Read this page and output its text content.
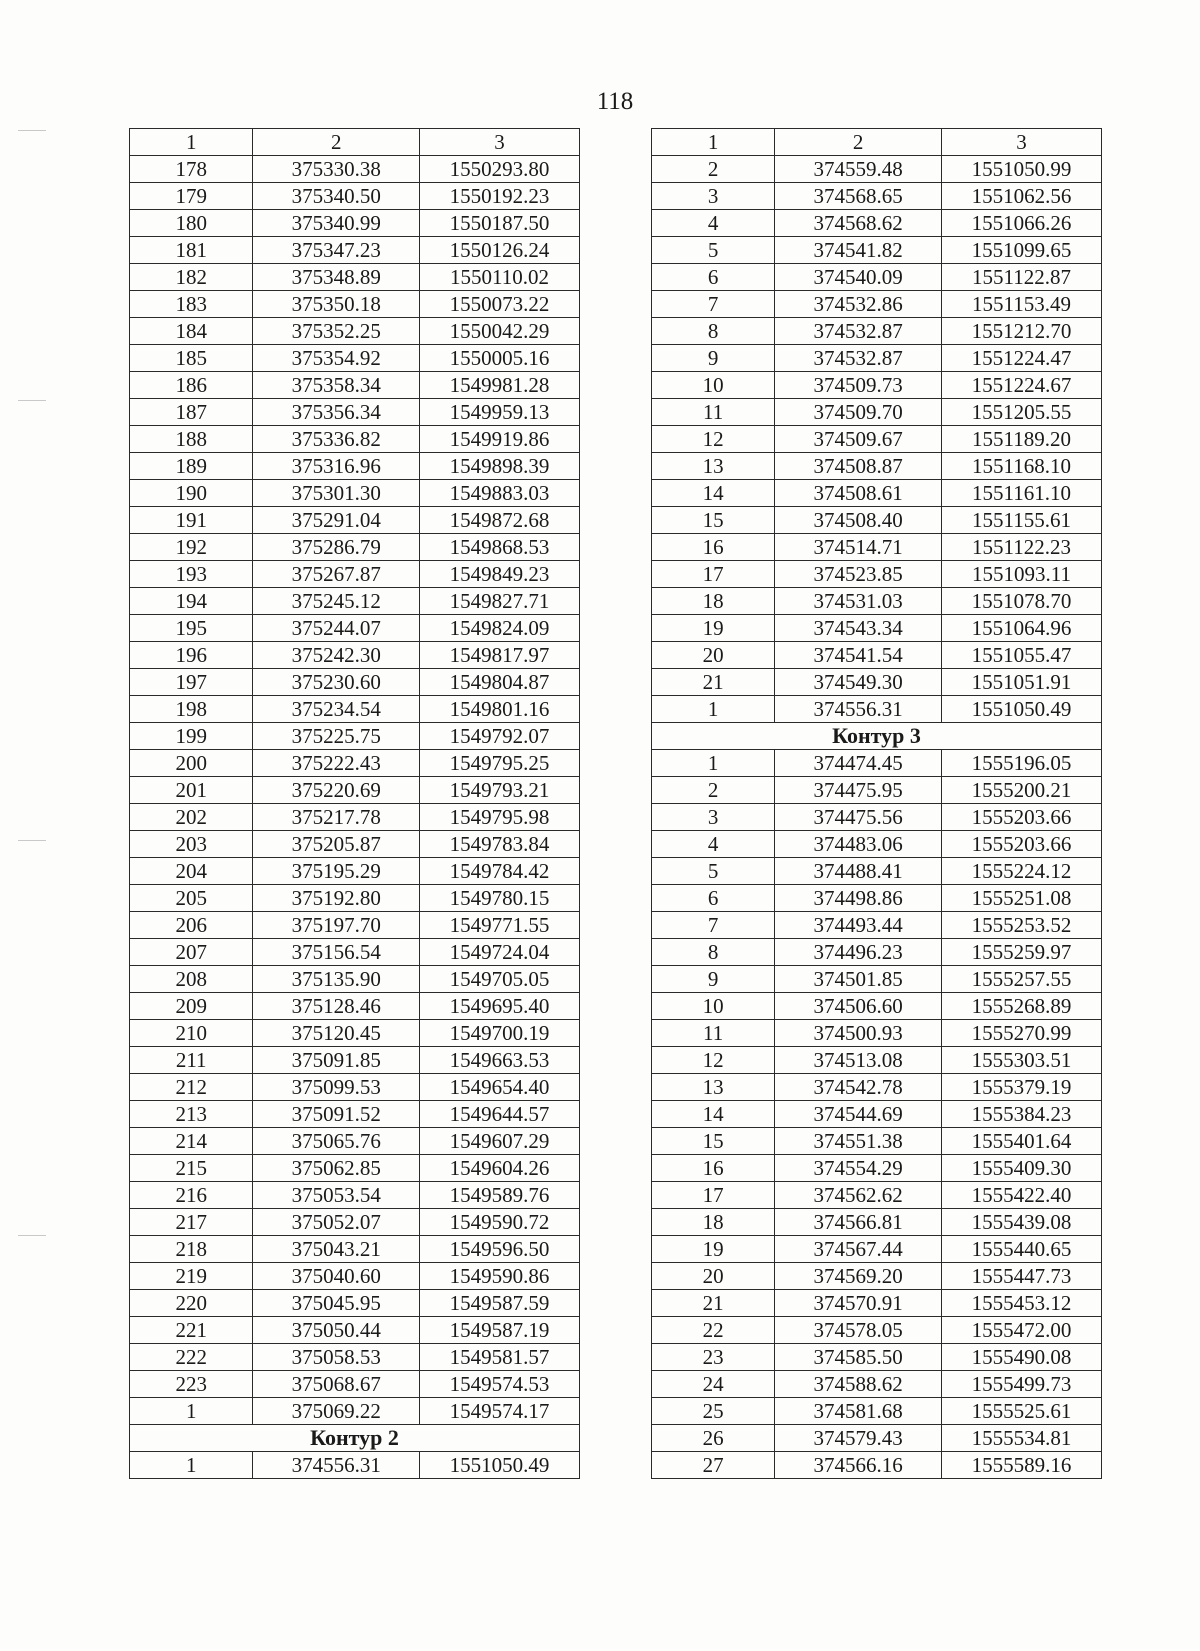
118
1	2	3
178	375330.38	1550293.80
179	375340.50	1550192.23
180	375340.99	1550187.50
181	375347.23	1550126.24
182	375348.89	1550110.02
183	375350.18	1550073.22
184	375352.25	1550042.29
185	375354.92	1550005.16
186	375358.34	1549981.28
187	375356.34	1549959.13
188	375336.82	1549919.86
189	375316.96	1549898.39
190	375301.30	1549883.03
191	375291.04	1549872.68
192	375286.79	1549868.53
193	375267.87	1549849.23
194	375245.12	1549827.71
195	375244.07	1549824.09
196	375242.30	1549817.97
197	375230.60	1549804.87
198	375234.54	1549801.16
199	375225.75	1549792.07
200	375222.43	1549795.25
201	375220.69	1549793.21
202	375217.78	1549795.98
203	375205.87	1549783.84
204	375195.29	1549784.42
205	375192.80	1549780.15
206	375197.70	1549771.55
207	375156.54	1549724.04
208	375135.90	1549705.05
209	375128.46	1549695.40
210	375120.45	1549700.19
211	375091.85	1549663.53
212	375099.53	1549654.40
213	375091.52	1549644.57
214	375065.76	1549607.29
215	375062.85	1549604.26
216	375053.54	1549589.76
217	375052.07	1549590.72
218	375043.21	1549596.50
219	375040.60	1549590.86
220	375045.95	1549587.59
221	375050.44	1549587.19
222	375058.53	1549581.57
223	375068.67	1549574.53
1	375069.22	1549574.17
Контур 2		
1	374556.31	1551050.49
1	2	3
2	374559.48	1551050.99
3	374568.65	1551062.56
4	374568.62	1551066.26
5	374541.82	1551099.65
6	374540.09	1551122.87
7	374532.86	1551153.49
8	374532.87	1551212.70
9	374532.87	1551224.47
10	374509.73	1551224.67
11	374509.70	1551205.55
12	374509.67	1551189.20
13	374508.87	1551168.10
14	374508.61	1551161.10
15	374508.40	1551155.61
16	374514.71	1551122.23
17	374523.85	1551093.11
18	374531.03	1551078.70
19	374543.34	1551064.96
20	374541.54	1551055.47
21	374549.30	1551051.91
1	374556.31	1551050.49
Контур 3		
1	374474.45	1555196.05
2	374475.95	1555200.21
3	374475.56	1555203.66
4	374483.06	1555203.66
5	374488.41	1555224.12
6	374498.86	1555251.08
7	374493.44	1555253.52
8	374496.23	1555259.97
9	374501.85	1555257.55
10	374506.60	1555268.89
11	374500.93	1555270.99
12	374513.08	1555303.51
13	374542.78	1555379.19
14	374544.69	1555384.23
15	374551.38	1555401.64
16	374554.29	1555409.30
17	374562.62	1555422.40
18	374566.81	1555439.08
19	374567.44	1555440.65
20	374569.20	1555447.73
21	374570.91	1555453.12
22	374578.05	1555472.00
23	374585.50	1555490.08
24	374588.62	1555499.73
25	374581.68	1555525.61
26	374579.43	1555534.81
27	374566.16	1555589.16
